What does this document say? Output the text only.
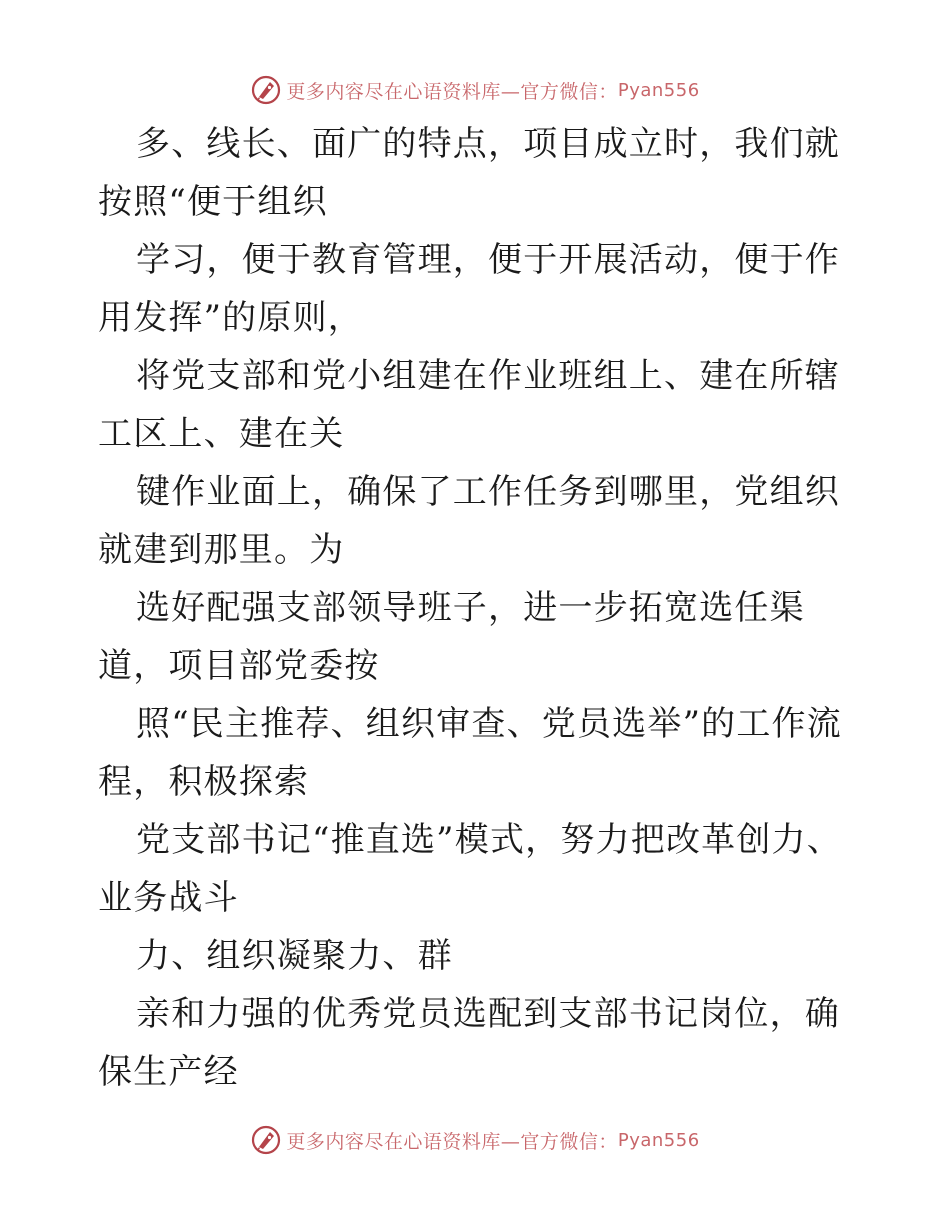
更多内容尽在心语资料库— 官方微信： Pyan556

多、线长、面广的特点，项目成立时，我们就按照“便于组织

学习，便于教育管理，便于开展活动，便于作用发挥”的原则，

将党支部和党小组建在作业班组上、建在所辖工区上、建在关

键作业面上，确保了工作任务到哪里，党组织就建到那里。为

选好配强支部领导班子，进一步拓宽选任渠道，项目部党委按

照“民主推荐、组织审查、党员选举”的工作流程，积极探索

党支部书记“推直选”模式，努力把改革创力、业务战斗

力、组织凝聚力、群

亲和力强的优秀党员选配到支部书记岗位，确保生产经

更多内容尽在心语资料库— 官方微信： Pyan556
